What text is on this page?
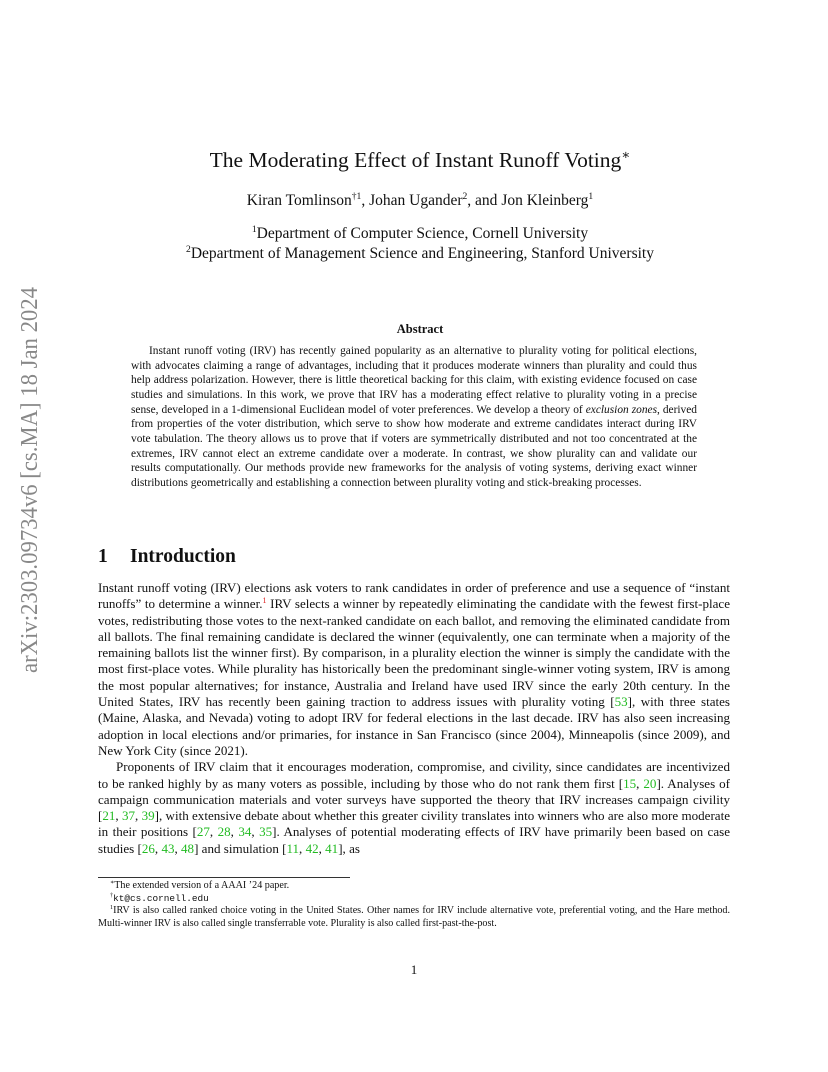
arXiv:2303.09734v6 [cs.MA] 18 Jan 2024
The Moderating Effect of Instant Runoff Voting∗
Kiran Tomlinson$^{\dagger 1}$, Johan Ugander$^2$, and Jon Kleinberg$^1$
$^1$Department of Computer Science, Cornell University
$^2$Department of Management Science and Engineering, Stanford University
Abstract

Instant runoff voting (IRV) has recently gained popularity as an alternative to plurality voting for political elections, with advocates claiming a range of advantages, including that it produces moderate winners than plurality and could thus help address polarization. However, there is little theoretical backing for this claim, with existing evidence focused on case studies and simulations. In this work, we prove that IRV has a moderating effect relative to plurality voting in a precise sense, developed in a 1-dimensional Euclidean model of voter preferences. We develop a theory of exclusion zones, derived from properties of the voter distribution, which serve to show how moderate and extreme candidates interact during IRV vote tabulation. The theory allows us to prove that if voters are symmetrically distributed and not too concentrated at the extremes, IRV cannot elect an extreme candidate over a moderate. In contrast, we show plurality can and validate our results computationally. Our methods provide new frameworks for the analysis of voting systems, deriving exact winner distributions geometrically and establishing a connection between plurality voting and stick-breaking processes.

1 Introduction

Instant runoff voting (IRV) elections ask voters to rank candidates in order of preference and use a sequence of “instant runoffs” to determine a winner.$^1$ IRV selects a winner by repeatedly eliminating the candidate with the fewest first-place votes, redistributing those votes to the next-ranked candidate on each ballot, and removing the eliminated candidate from all ballots. The final remaining candidate is declared the winner (equivalently, one can terminate when a majority of the remaining ballots list the winner first). By comparison, in a plurality election the winner is simply the candidate with the most first-place votes. While plurality has historically been the predominant single-winner voting system, IRV is among the most popular alternatives; for instance, Australia and Ireland have used IRV since the early 20th century. In the United States, IRV has recently been gaining traction to address issues with plurality voting [53], with three states (Maine, Alaska, and Nevada) voting to adopt IRV for federal elections in the last decade. IRV has also seen increasing adoption in local elections and/or primaries, for instance in San Francisco (since 2004), Minneapolis (since 2009), and New York City (since 2021).

Proponents of IRV claim that it encourages moderation, compromise, and civility, since candidates are incentivized to be ranked highly by as many voters as possible, including by those who do not rank them first [15, 20]. Analyses of campaign communication materials and voter surveys have supported the theory that IRV increases campaign civility [21, 37, 39], with extensive debate about whether this greater civility translates into winners who are also more moderate in their positions [27, 28, 34, 35]. Analyses of potential moderating effects of IRV have primarily been based on case studies [26, 43, 48] and simulation [11, 42, 41], as

∗The extended version of a AAAI ’24 paper.
†kt@cs.cornell.edu
$^1$IRV is also called ranked choice voting in the United States. Other names for IRV include alternative vote, preferential voting, and the Hare method. Multi-winner IRV is also called single transferrable vote. Plurality is also called first-past-the-post.
1
